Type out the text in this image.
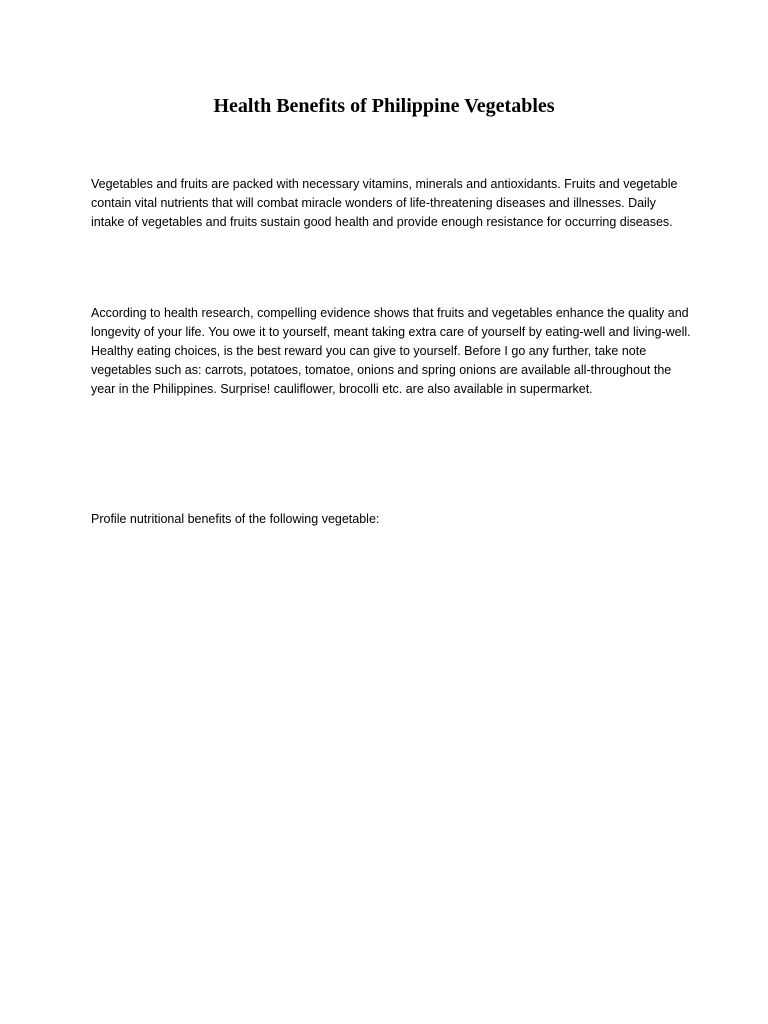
Health Benefits of Philippine Vegetables

Vegetables and fruits are packed with necessary vitamins, minerals and antioxidants. Fruits and vegetable contain vital nutrients that will combat miracle wonders of life-threatening diseases and illnesses. Daily intake of vegetables and fruits sustain good health and provide enough resistance for occurring diseases.

According to health research, compelling evidence shows that fruits and vegetables enhance the quality and longevity of your life. You owe it to yourself, meant taking extra care of yourself by eating-well and living-well. Healthy eating choices, is the best reward you can give to yourself. Before I go any further, take note vegetables such as: carrots, potatoes, tomatoe, onions and spring onions are available all-throughout the year in the Philippines. Surprise! cauliflower, brocolli etc. are also available in supermarket.

Profile nutritional benefits of the following vegetable:
